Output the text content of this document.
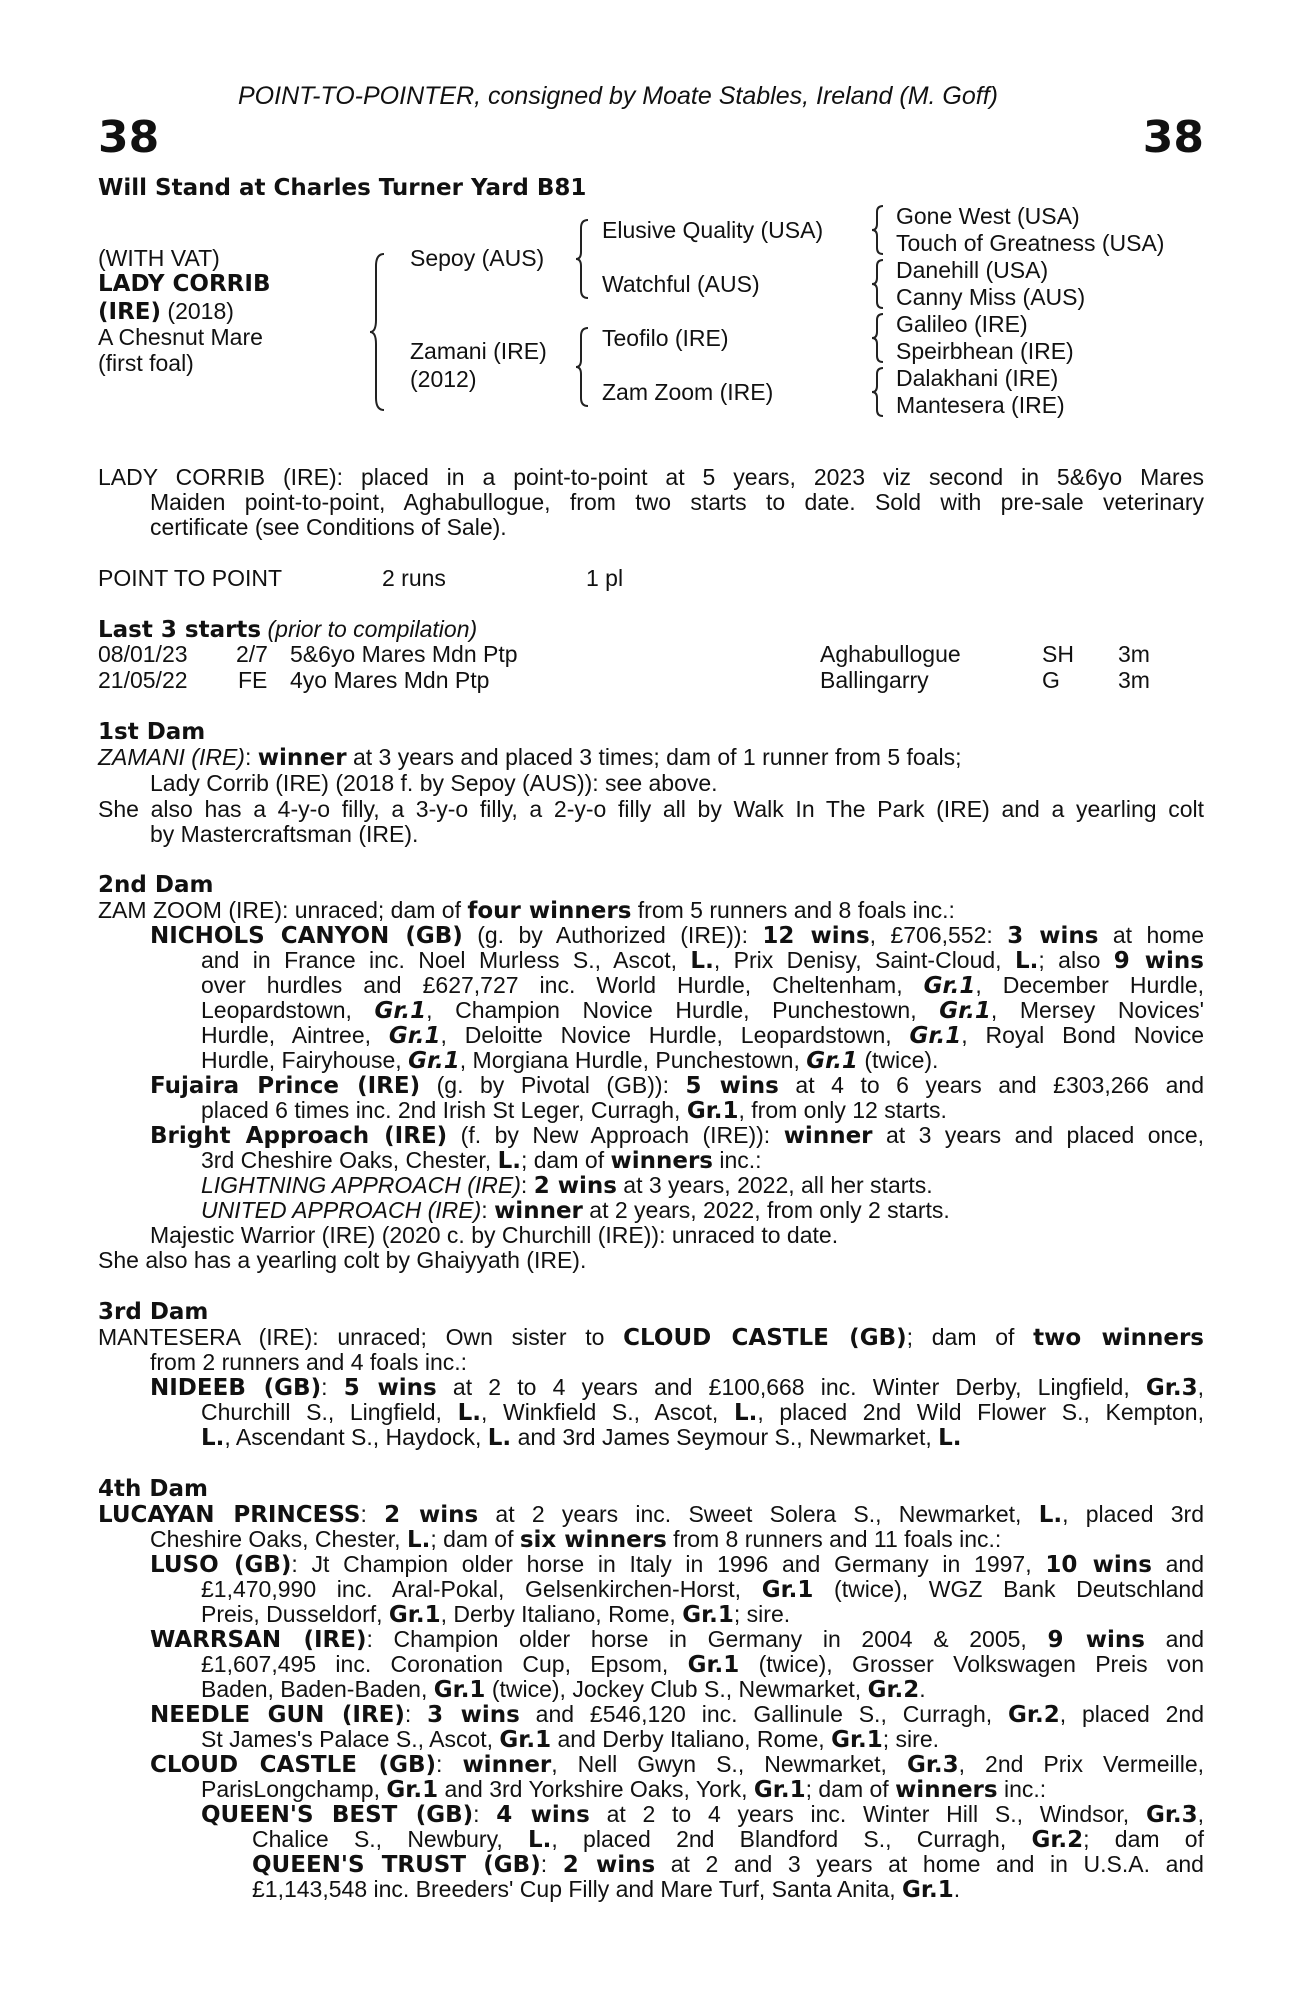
POINT-TO-POINTER, consigned by Moate Stables, Ireland (M. Goff)
38	38
Will Stand at Charles Turner Yard B81
(WITH VAT)
LADY CORRIB
(IRE) (2018)
A Chesnut Mare
(first foal)
Sepoy (AUS)
Zamani (IRE)
(2012)
Elusive Quality (USA)
Watchful (AUS)
Teofilo (IRE)
Zam Zoom (IRE)
Gone West (USA)
Touch of Greatness (USA)
Danehill (USA)
Canny Miss (AUS)
Galileo (IRE)
Speirbhean (IRE)
Dalakhani (IRE)
Mantesera (IRE)
LADY CORRIB (IRE): placed in a point-to-point at 5 years, 2023 viz second in 5&6yo Mares
Maiden point-to-point, Aghabullogue, from two starts to date. Sold with pre-sale veterinary
certificate (see Conditions of Sale).
POINT TO POINT	2 runs	1 pl
Last 3 starts (prior to compilation)
08/01/23 2/7 5&6yo Mares Mdn Ptp	Aghabullogue	SH 3m
21/05/22 FE 4yo Mares Mdn Ptp	Ballingarry	G	3m
1st Dam
ZAMANI (IRE): winner at 3 years and placed 3 times; dam of 1 runner from 5 foals;
Lady Corrib (IRE) (2018 f. by Sepoy (AUS)): see above.
She also has a 4-y-o filly, a 3-y-o filly, a 2-y-o filly all by Walk In The Park (IRE) and a yearling colt
by Mastercraftsman (IRE).
2nd Dam
ZAM ZOOM (IRE): unraced; dam of four winners from 5 runners and 8 foals inc.:
NICHOLS CANYON (GB) (g. by Authorized (IRE)): 12 wins, £706,552: 3 wins at home
and in France inc. Noel Murless S., Ascot, L., Prix Denisy, Saint-Cloud, L.; also 9 wins
over hurdles and £627,727 inc. World Hurdle, Cheltenham, Gr.1, December Hurdle,
Leopardstown, Gr.1, Champion Novice Hurdle, Punchestown, Gr.1, Mersey Novices'
Hurdle, Aintree, Gr.1, Deloitte Novice Hurdle, Leopardstown, Gr.1, Royal Bond Novice
Hurdle, Fairyhouse, Gr.1, Morgiana Hurdle, Punchestown, Gr.1 (twice).
Fujaira Prince (IRE) (g. by Pivotal (GB)): 5 wins at 4 to 6 years and £303,266 and
placed 6 times inc. 2nd Irish St Leger, Curragh, Gr.1, from only 12 starts.
Bright Approach (IRE) (f. by New Approach (IRE)): winner at 3 years and placed once,
3rd Cheshire Oaks, Chester, L.; dam of winners inc.:
LIGHTNING APPROACH (IRE): 2 wins at 3 years, 2022, all her starts.
UNITED APPROACH (IRE): winner at 2 years, 2022, from only 2 starts.
Majestic Warrior (IRE) (2020 c. by Churchill (IRE)): unraced to date.
She also has a yearling colt by Ghaiyyath (IRE).
3rd Dam
MANTESERA (IRE): unraced; Own sister to CLOUD CASTLE (GB); dam of two winners
from 2 runners and 4 foals inc.:
NIDEEB (GB): 5 wins at 2 to 4 years and £100,668 inc. Winter Derby, Lingfield, Gr.3,
Churchill S., Lingfield, L., Winkfield S., Ascot, L., placed 2nd Wild Flower S., Kempton,
L., Ascendant S., Haydock, L. and 3rd James Seymour S., Newmarket, L.
4th Dam
LUCAYAN PRINCESS: 2 wins at 2 years inc. Sweet Solera S., Newmarket, L., placed 3rd
Cheshire Oaks, Chester, L.; dam of six winners from 8 runners and 11 foals inc.:
LUSO (GB): Jt Champion older horse in Italy in 1996 and Germany in 1997, 10 wins and
£1,470,990 inc. Aral-Pokal, Gelsenkirchen-Horst, Gr.1 (twice), WGZ Bank Deutschland
Preis, Dusseldorf, Gr.1, Derby Italiano, Rome, Gr.1; sire.
WARRSAN (IRE): Champion older horse in Germany in 2004 & 2005, 9 wins and
£1,607,495 inc. Coronation Cup, Epsom, Gr.1 (twice), Grosser Volkswagen Preis von
Baden, Baden-Baden, Gr.1 (twice), Jockey Club S., Newmarket, Gr.2.
NEEDLE GUN (IRE): 3 wins and £546,120 inc. Gallinule S., Curragh, Gr.2, placed 2nd
St James's Palace S., Ascot, Gr.1 and Derby Italiano, Rome, Gr.1; sire.
CLOUD CASTLE (GB): winner, Nell Gwyn S., Newmarket, Gr.3, 2nd Prix Vermeille,
ParisLongchamp, Gr.1 and 3rd Yorkshire Oaks, York, Gr.1; dam of winners inc.:
QUEEN'S BEST (GB): 4 wins at 2 to 4 years inc. Winter Hill S., Windsor, Gr.3,
Chalice S., Newbury, L., placed 2nd Blandford S., Curragh, Gr.2; dam of
QUEEN'S TRUST (GB): 2 wins at 2 and 3 years at home and in U.S.A. and
£1,143,548 inc. Breeders' Cup Filly and Mare Turf, Santa Anita, Gr.1.
